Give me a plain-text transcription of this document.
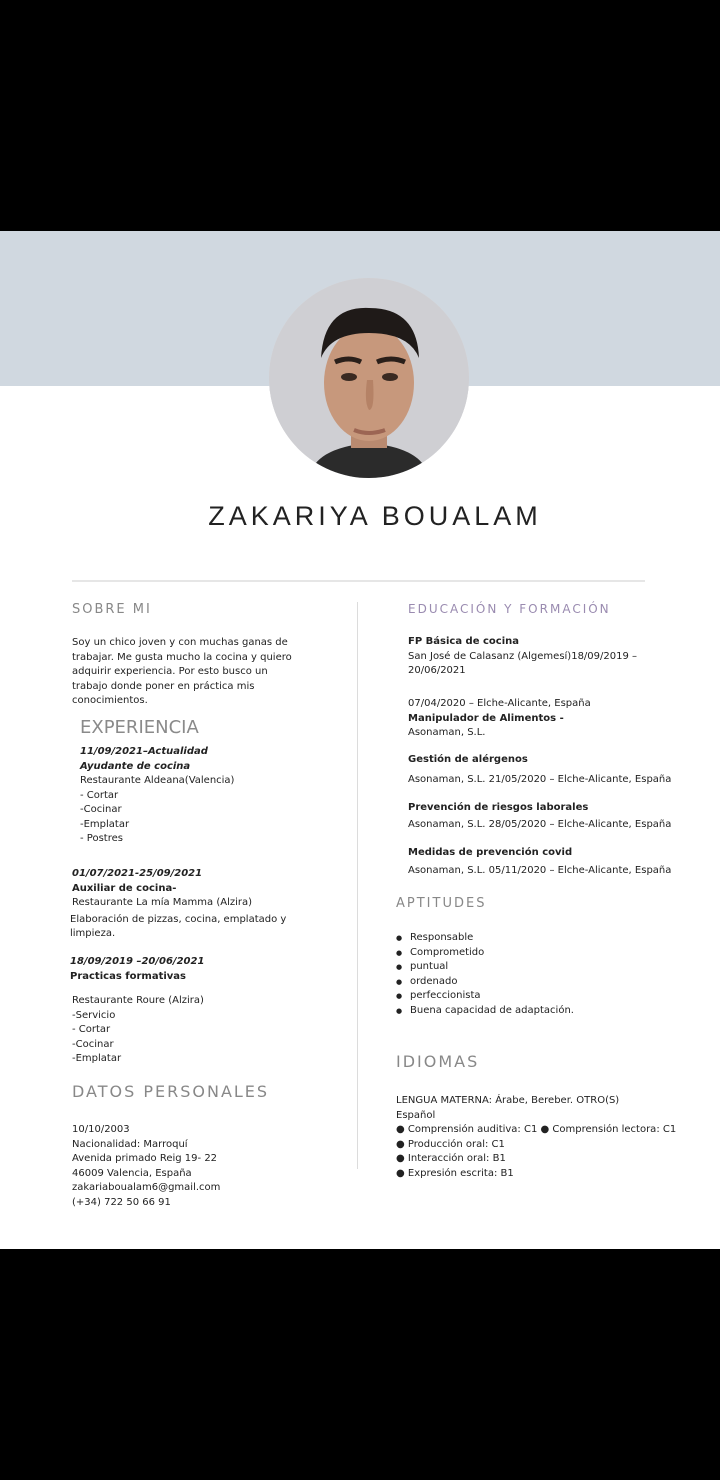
ZAKARIYA BOUALAM
SOBRE MI
Soy un chico joven y con muchas ganas de
trabajar. Me gusta mucho la cocina y quiero
adquirir experiencia. Por esto busco un
trabajo donde poner en práctica mis
conocimientos.
EXPERIENCIA
11/09/2021–Actualidad
Ayudante de cocina
Restaurante Aldeana(Valencia)
- Cortar
-Cocinar
-Emplatar
- Postres
01/07/2021-25/09/2021
Auxiliar de cocina-
Restaurante La mía Mamma (Alzira)
Elaboración de pizzas, cocina, emplatado y
limpieza.
18/09/2019 –20/06/2021
Practicas formativas
Restaurante Roure (Alzira)
-Servicio
- Cortar
-Cocinar
-Emplatar
DATOS PERSONALES
10/10/2003
Nacionalidad: Marroquí
Avenida primado Reig 19- 22
46009 Valencia, España
zakariaboualam6@gmail.com
(+34) 722 50 66 91
EDUCACIÓN Y FORMACIÓN
FP Básica de cocina
San José de Calasanz (Algemesí)18/09/2019 –
20/06/2021
07/04/2020 – Elche-Alicante, España
Manipulador de Alimentos -
Asonaman, S.L.
Gestión de alérgenos
Asonaman, S.L. 21/05/2020 – Elche-Alicante, España
Prevención de riesgos laborales
Asonaman, S.L. 28/05/2020 – Elche-Alicante, España
Medidas de prevención covid
Asonaman, S.L. 05/11/2020 – Elche-Alicante, España
APTITUDES
● Responsable
● Comprometido
● puntual
● ordenado
● perfeccionista
● Buena capacidad de adaptación.
IDIOMAS
LENGUA MATERNA: Árabe, Bereber. OTRO(S)
Español
● Comprensión auditiva: C1 ● Comprensión lectora: C1
● Producción oral: C1
● Interacción oral: B1
● Expresión escrita: B1
